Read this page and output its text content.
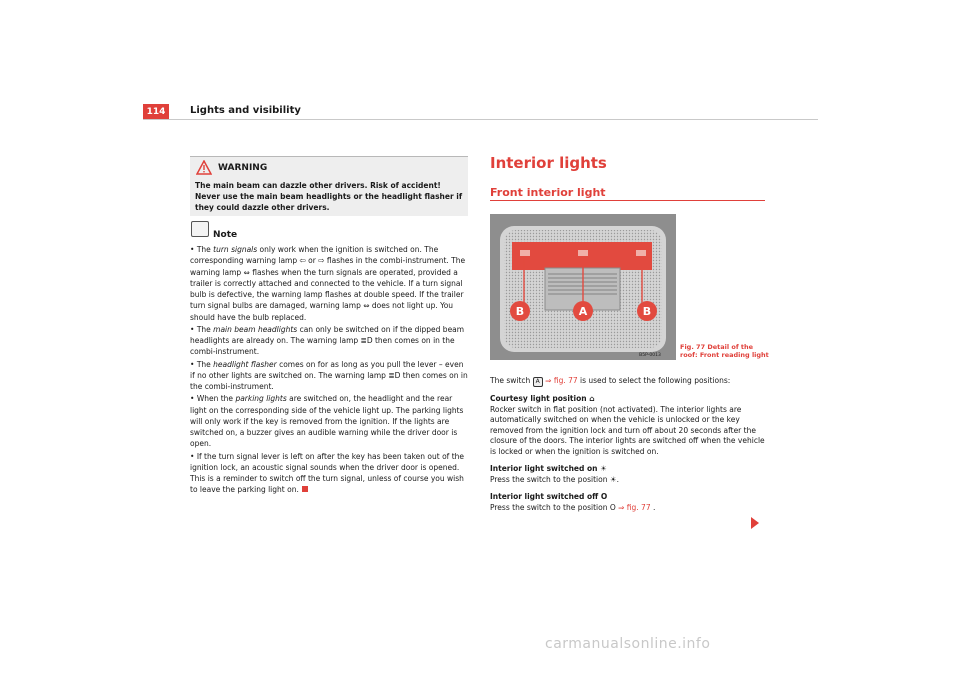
114	Lights and visibility
WARNING
The main beam can dazzle other drivers. Risk of accident! Never use the main beam headlights or the headlight flasher if they could dazzle other drivers.
Note

• The turn signals only work when the ignition is switched on. The corresponding warning lamp ⇦ or ⇨ flashes in the combi-instrument. The warning lamp ⇔ flashes when the turn signals are operated, provided a trailer is correctly attached and connected to the vehicle. If a turn signal bulb is defective, the warning lamp flashes at double speed. If the trailer turn signal bulbs are damaged, warning lamp ⇔ does not light up. You should have the bulb replaced.

• The main beam headlights can only be switched on if the dipped beam headlights are already on. The warning lamp ≣D then comes on in the combi-instrument.

• The headlight flasher comes on for as long as you pull the lever – even if no other lights are switched on. The warning lamp ≣D then comes on in the combi-instrument.

• When the parking lights are switched on, the headlight and the rear light on the corresponding side of the vehicle light up. The parking lights will only work if the key is removed from the ignition. If the lights are switched on, a buzzer gives an audible warning while the driver door is open.

• If the turn signal lever is left on after the key has been taken out of the ignition lock, an acoustic signal sounds when the driver door is opened. This is a reminder to switch off the turn signal, unless of course you wish to leave the parking light on.

Interior lights
Front interior light
B	A	B
B5P-0013
Fig. 77 Detail of the roof: Front reading light

The switch A ⇒ fig. 77 is used to select the following positions:

Courtesy light position ⌂
Rocker switch in flat position (not activated). The interior lights are automatically switched on when the vehicle is unlocked or the key removed from the ignition lock and turn off about 20 seconds after the closure of the doors. The interior lights are switched off when the vehicle is locked or when the ignition is switched on.

Interior light switched on ☀
Press the switch to the position ☀.

Interior light switched off O
Press the switch to the position O ⇒ fig. 77 .

carmanualsonline.info
